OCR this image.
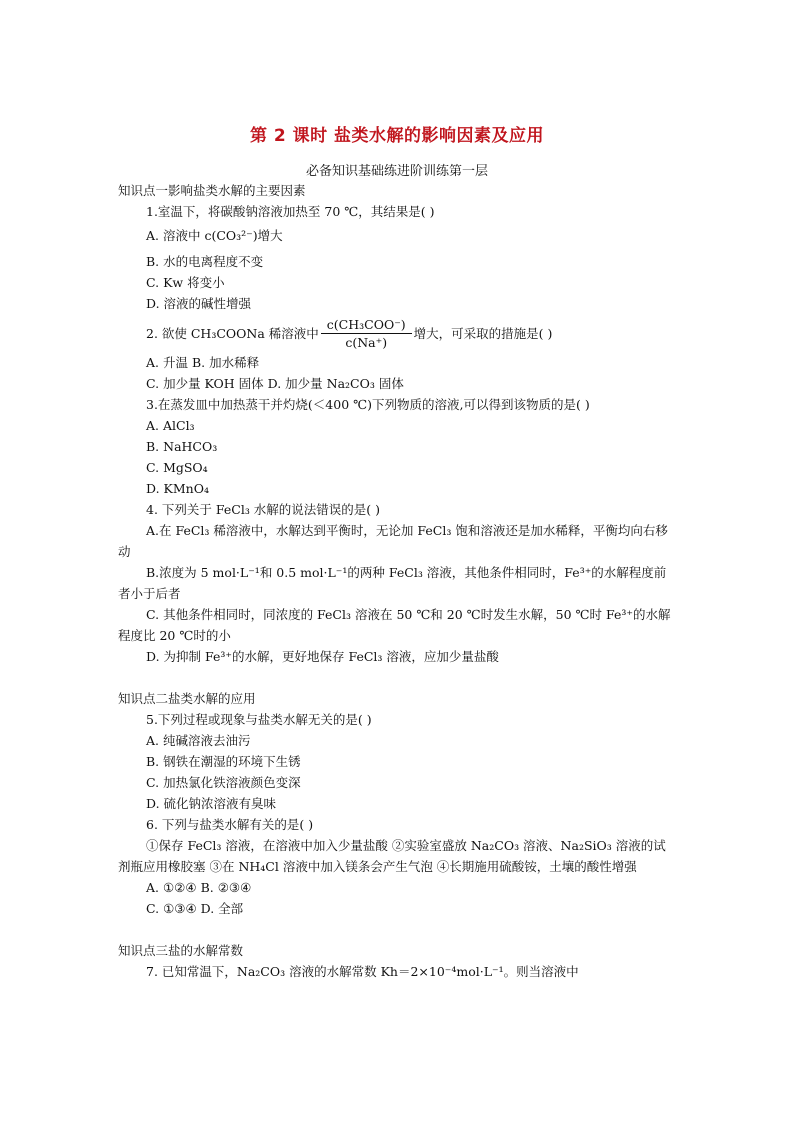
第 2 课时 盐类水解的影响因素及应用
必备知识基础练进阶训练第一层
知识点一影响盐类水解的主要因素
1.室温下，将碳酸钠溶液加热至 70 ℃，其结果是( )
A. 溶液中 c(CO₃²⁻)增大
B. 水的电离程度不变
C. Kw 将变小
D. 溶液的碱性增强
2. 欲使 CH₃COONa 稀溶液中 $\frac{\text{c(CH₃COO⁻)}}{c(Na^+)}$ 增大，可采取的措施是( )
A. 升温 B. 加水稀释
C. 加少量 KOH 固体 D. 加少量 Na₂CO₃ 固体
3.在蒸发皿中加热蒸干并灼烧(＜400 ℃)下列物质的溶液,可以得到该物质的是( )
A. AlCl₃
B. NaHCO₃
C. MgSO₄
D. KMnO₄
4. 下列关于 FeCl₃ 水解的说法错误的是( )
A.在 FeCl₃ 稀溶液中，水解达到平衡时，无论加 FeCl₃ 饱和溶液还是加水稀释，平衡均向右移动
B.浓度为 5 mol·L⁻¹和 0.5 mol·L⁻¹的两种 FeCl₃ 溶液，其他条件相同时，Fe³⁺的水解程度前者小于后者
C. 其他条件相同时，同浓度的 FeCl₃ 溶液在 50 ℃和 20 ℃时发生水解，50 ℃时 Fe³⁺的水解程度比 20 ℃时的小
D. 为抑制 Fe³⁺的水解，更好地保存 FeCl₃ 溶液，应加少量盐酸
知识点二盐类水解的应用
5.下列过程或现象与盐类水解无关的是( )
A. 纯碱溶液去油污
B. 钢铁在潮湿的环境下生锈
C. 加热氯化铁溶液颜色变深
D. 硫化钠浓溶液有臭味
6. 下列与盐类水解有关的是( )
①保存 FeCl₃ 溶液，在溶液中加入少量盐酸 ②实验室盛放 Na₂CO₃ 溶液、Na₂SiO₃ 溶液的试剂瓶应用橡胶塞 ③在 NH₄Cl 溶液中加入镁条会产生气泡 ④长期施用硫酸铵，土壤的酸性增强
A. ①②④ B. ②③④
C. ①③④ D. 全部
知识点三盐的水解常数
7. 已知常温下，Na₂CO₃ 溶液的水解常数 Kh＝2×10⁻⁴mol·L⁻¹。则当溶液中
